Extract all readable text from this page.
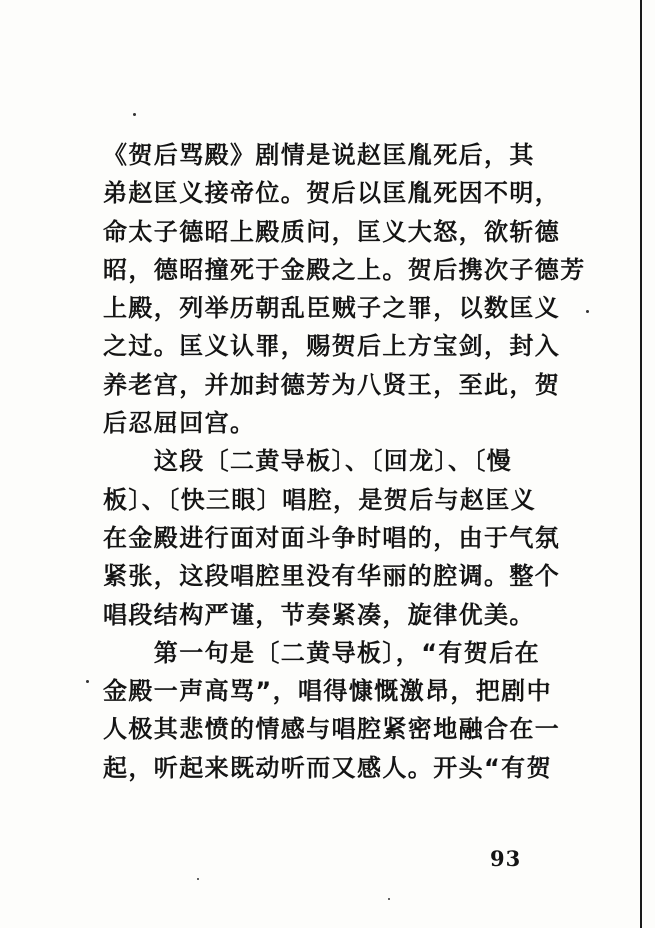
《贺后骂殿》剧情是说赵匡胤死后，其
弟赵匡义接帝位。贺后以匡胤死因不明，
命太子德昭上殿质问，匡义大怒，欲斩德
昭，德昭撞死于金殿之上。贺后携次子德芳
上殿，列举历朝乱臣贼子之罪，以数匡义
之过。匡义认罪，赐贺后上方宝剑，封入
养老宫，并加封德芳为八贤王，至此，贺
后忍屈回宫。
　　这段〔二黄导板〕、〔回龙〕、〔慢
板〕、〔快三眼〕唱腔，是贺后与赵匡义
在金殿进行面对面斗争时唱的，由于气氛
紧张，这段唱腔里没有华丽的腔调。整个
唱段结构严谨，节奏紧凑，旋律优美。
　　第一句是〔二黄导板〕，“有贺后在
金殿一声高骂”，唱得慷慨激昂，把剧中
人极其悲愤的情感与唱腔紧密地融合在一
起，听起来既动听而又感人。开头“有贺
93
